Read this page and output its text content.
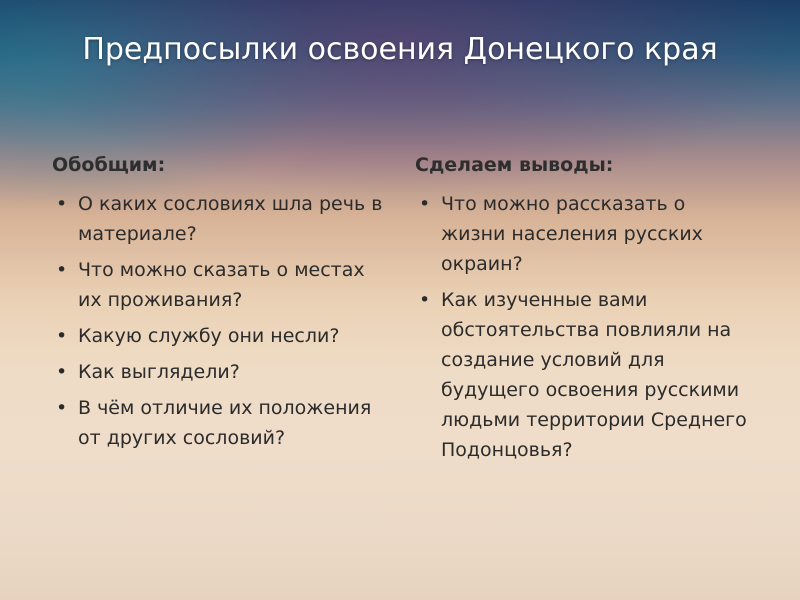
Предпосылки освоения Донецкого края
Обобщим:
• О каких сословиях шла речь в материале?
• Что можно сказать о местах их проживания?
• Какую службу они несли?
• Как выглядели?
• В чём отличие их положения от других сословий?
Сделаем выводы:
• Что можно рассказать о жизни населения русских окраин?
• Как изученные вами обстоятельства повлияли на создание условий для будущего освоения русскими людьми территории Среднего Подонцовья?
